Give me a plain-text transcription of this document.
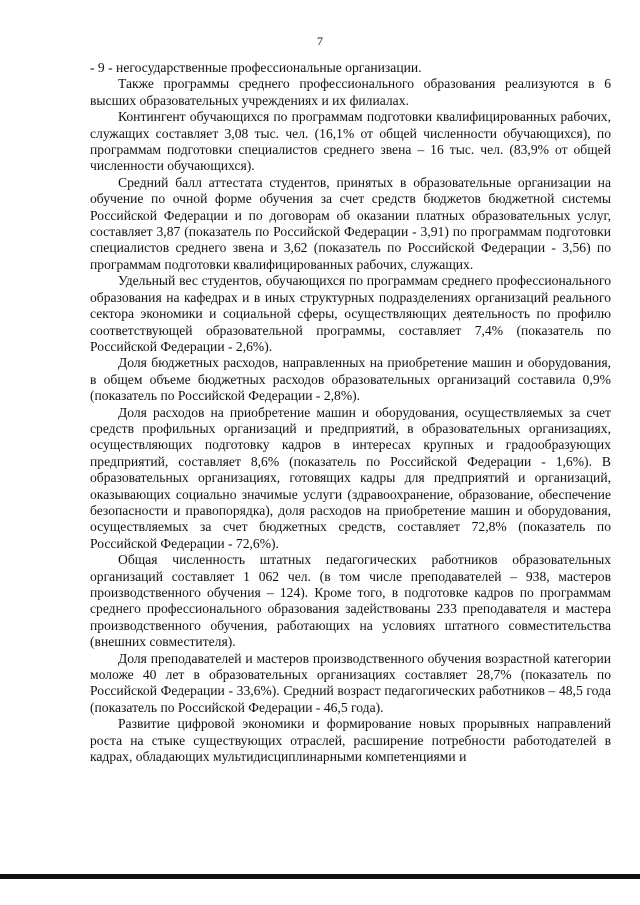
7

- 9 - негосударственные профессиональные организации.

Также программы среднего профессионального образования реализуются в 6 высших образовательных учреждениях и их филиалах.

Контингент обучающихся по программам подготовки квалифицированных рабочих, служащих составляет 3,08 тыс. чел. (16,1% от общей численности обучающихся), по программам подготовки специалистов среднего звена – 16 тыс. чел. (83,9% от общей численности обучающихся).

Средний балл аттестата студентов, принятых в образовательные организации на обучение по очной форме обучения за счет средств бюджетов бюджетной системы Российской Федерации и по договорам об оказании платных образовательных услуг, составляет 3,87 (показатель по Российской Федерации - 3,91) по программам подготовки специалистов среднего звена и 3,62 (показатель по Российской Федерации - 3,56) по программам подготовки квалифицированных рабочих, служащих.

Удельный вес студентов, обучающихся по программам среднего профессионального образования на кафедрах и в иных структурных подразделениях организаций реального сектора экономики и социальной сферы, осуществляющих деятельность по профилю соответствующей образовательной программы, составляет 7,4% (показатель по Российской Федерации - 2,6%).

Доля бюджетных расходов, направленных на приобретение машин и оборудования, в общем объеме бюджетных расходов образовательных организаций составила 0,9% (показатель по Российской Федерации - 2,8%).

Доля расходов на приобретение машин и оборудования, осуществляемых за счет средств профильных организаций и предприятий, в образовательных организациях, осуществляющих подготовку кадров в интересах крупных и градообразующих предприятий, составляет 8,6% (показатель по Российской Федерации - 1,6%). В образовательных организациях, готовящих кадры для предприятий и организаций, оказывающих социально значимые услуги (здравоохранение, образование, обеспечение безопасности и правопорядка), доля расходов на приобретение машин и оборудования, осуществляемых за счет бюджетных средств, составляет 72,8% (показатель по Российской Федерации - 72,6%).

Общая численность штатных педагогических работников образовательных организаций составляет 1 062 чел. (в том числе преподавателей – 938, мастеров производственного обучения – 124). Кроме того, в подготовке кадров по программам среднего профессионального образования задействованы 233 преподавателя и мастера производственного обучения, работающих на условиях штатного совместительства (внешних совместителя).

Доля преподавателей и мастеров производственного обучения возрастной категории моложе 40 лет в образовательных организациях составляет 28,7% (показатель по Российской Федерации - 33,6%). Средний возраст педагогических работников – 48,5 года (показатель по Российской Федерации - 46,5 года).

Развитие цифровой экономики и формирование новых прорывных направлений роста на стыке существующих отраслей, расширение потребности работодателей в кадрах, обладающих мультидисциплинарными компетенциями и
